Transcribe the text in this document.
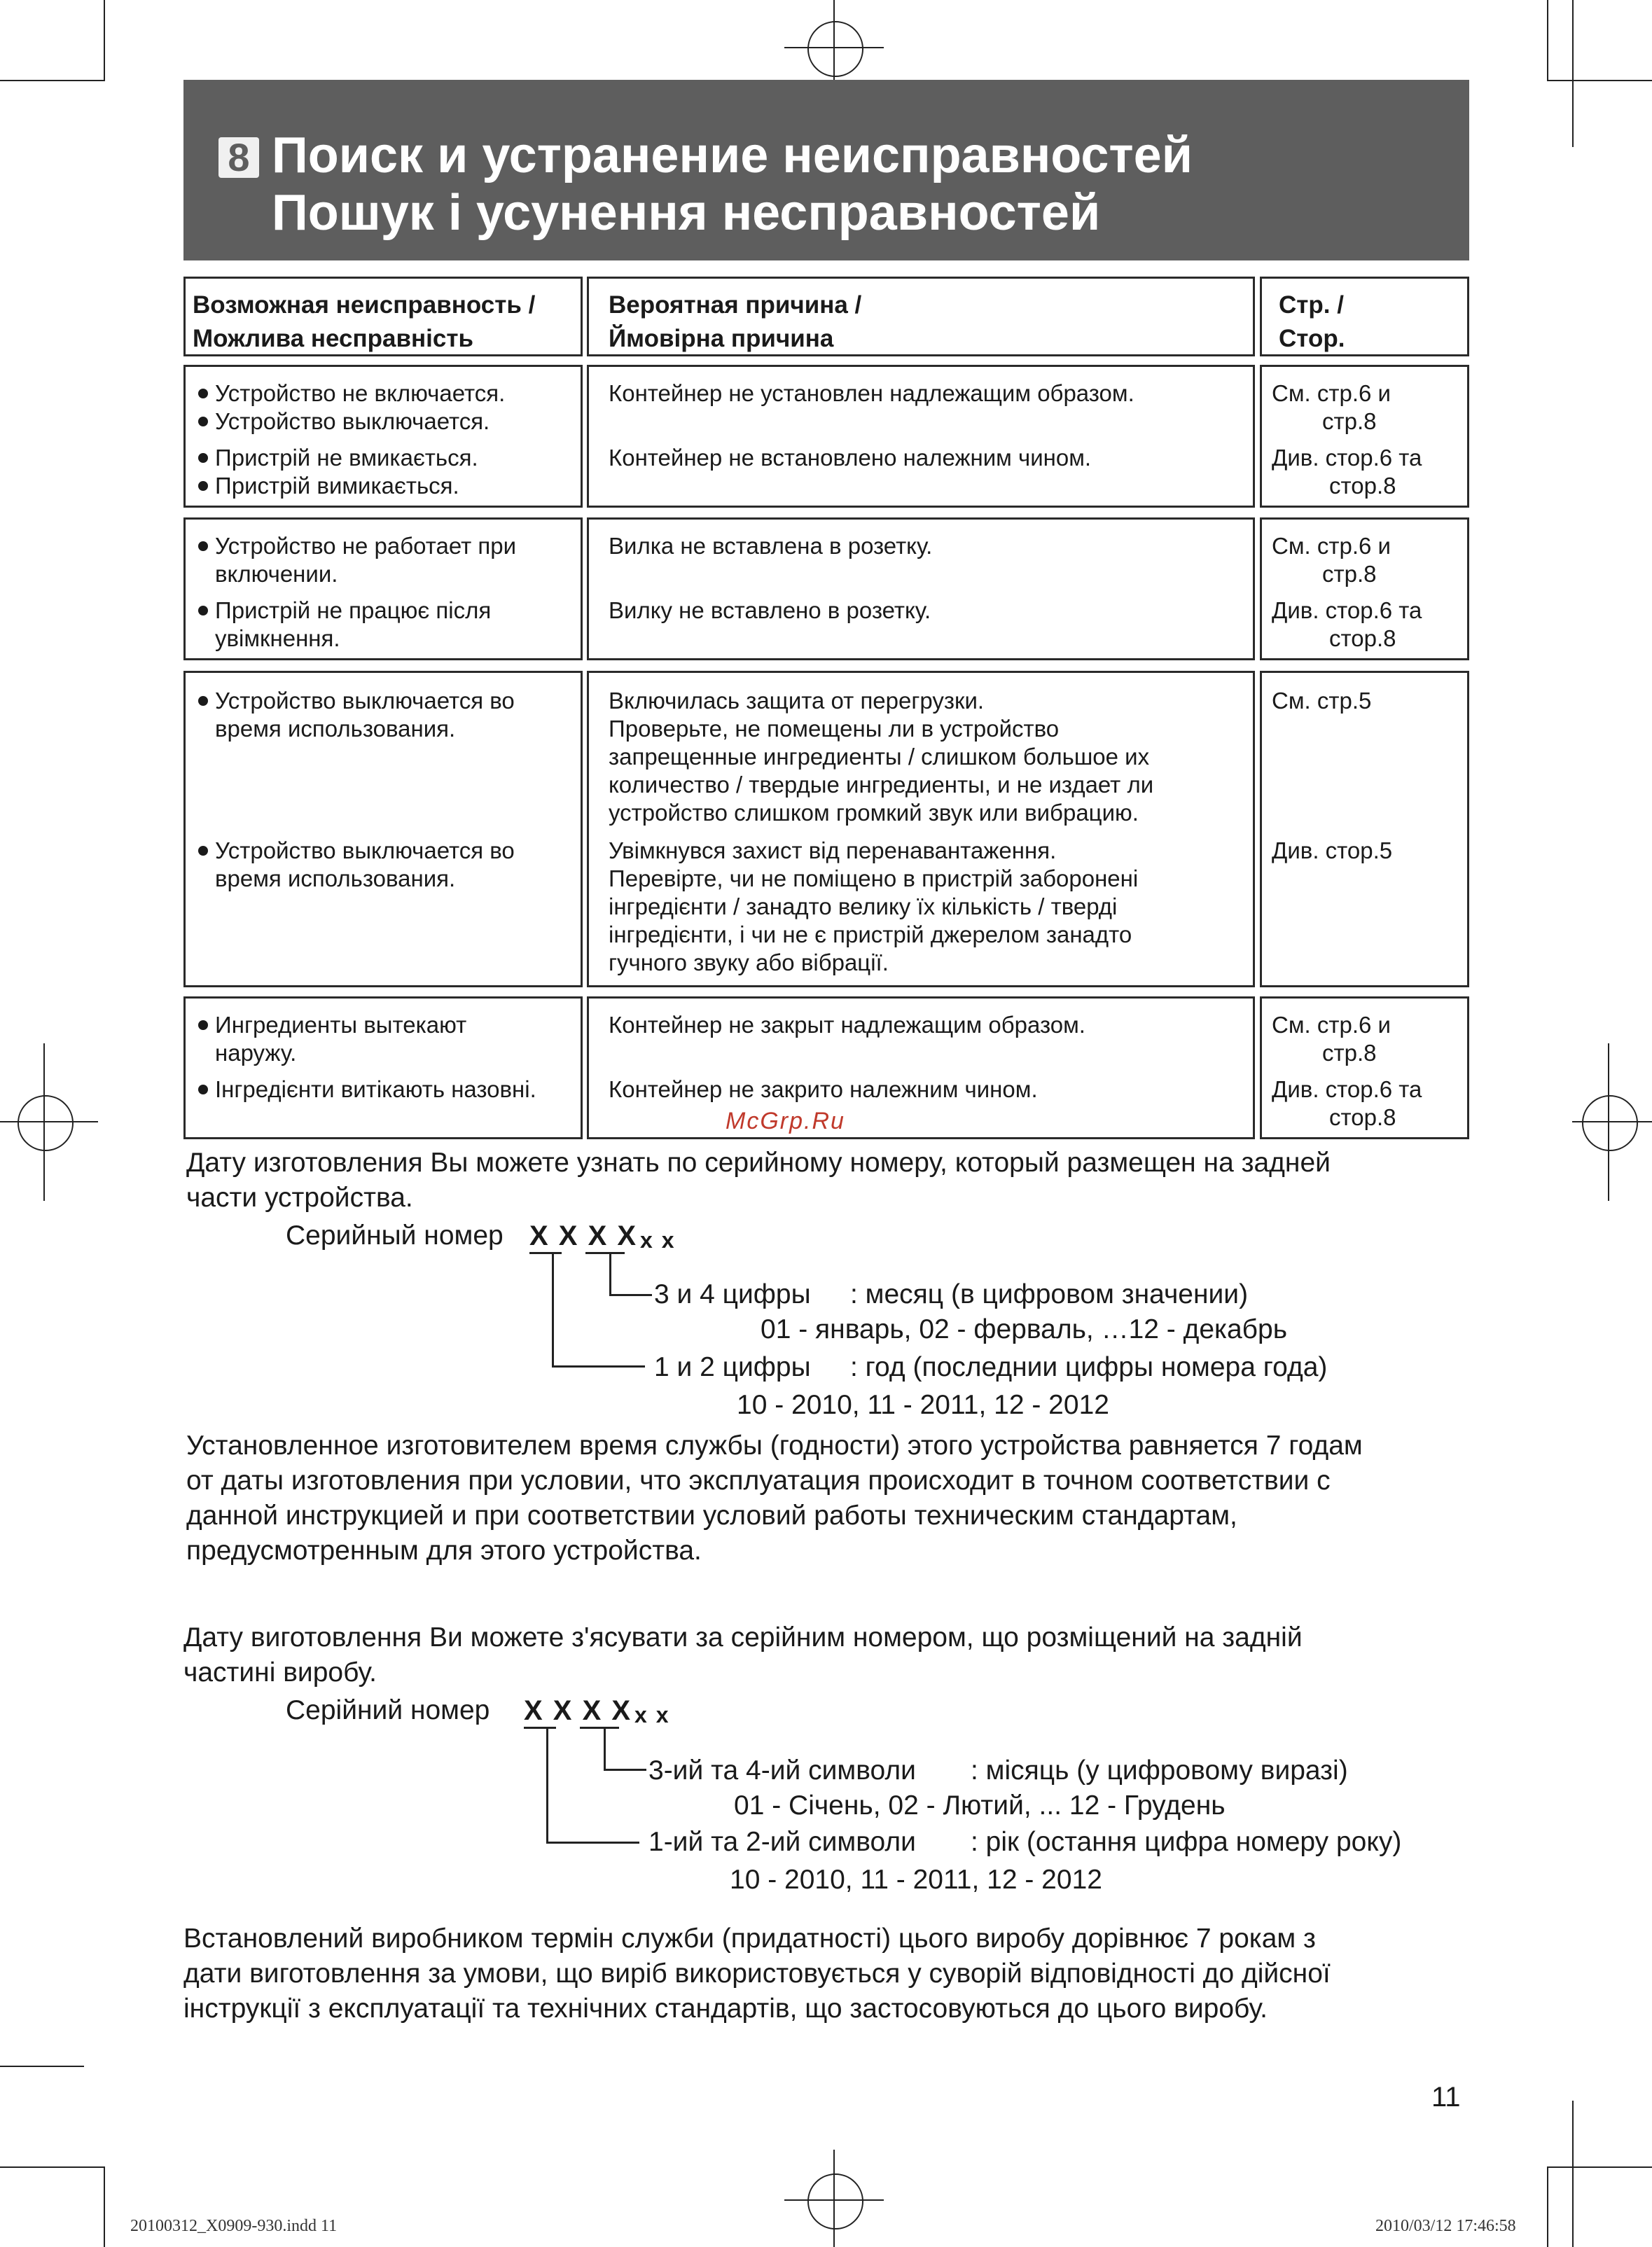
8 Поиск и устранение неисправностей
Пошук і усунення несправностей
Возможная неисправность /
Можлива несправність
Вероятная причина /
Ймовірна причина
Стр. /
Стор.
Устройство не включается.
Устройство выключается.
Пристрій не вмикається.
Пристрій вимикається.
Контейнер не установлен надлежащим образом.
Контейнер не встановлено належним чином.
См. стр.6 и
стр.8
Див. стор.6 та
стор.8
Устройство не работает при
включении.
Пристрій не працює після
увімкнення.
Вилка не вставлена в розетку.
Вилку не вставлено в розетку.
См. стр.6 и
стр.8
Див. стор.6 та
стор.8
Устройство выключается во
время использования.
Устройство выключается во
время использования.
Включилась защита от перегрузки.
Проверьте, не помещены ли в устройство
запрещенные ингредиенты / слишком большое их
количество / твердые ингредиенты, и не издает ли
устройство слишком громкий звук или вибрацию.
Увімкнувся захист від перенавантаження.
Перевірте, чи не поміщено в пристрій заборонені
інгредієнти / занадто велику їх кількість / тверді
інгредієнти, і чи не є пристрій джерелом занадто
гучного звуку або вібрації.
См. стр.5
Див. стор.5
Ингредиенты вытекают
наружу.
Інгредієнти витікають назовні.
Контейнер не закрыт надлежащим образом.
Контейнер не закрито належним чином.
См. стр.6 и
стр.8
Див. стор.6 та
стор.8
McGrp.Ru
Дату изготовления Вы можете узнать по серийному номеру, который размещен на задней
части устройства.
Серийный номер X X X X x x
3 и 4 цифры : месяц (в цифровом значении)
01 - январь, 02 - ферваль, …12 - декабрь
1 и 2 цифры : год (последнии цифры номера года)
10 - 2010, 11 - 2011, 12 - 2012
Установленное изготовителем время службы (годности) этого устройства равняется 7 годам
от даты изготовления при условии, что эксплуатация происходит в точном соответствии с
данной инструкцией и при соответствии условий работы техническим стандартам,
предусмотренным для этого устройства.
Дату виготовлення Ви можете з'ясувати за серійним номером, що розміщений на задній
частині виробу.
Серійний номер X X X X x x
3-ий та 4-ий символи : місяць (у цифровому виразі)
01 - Січень, 02 - Лютий, ... 12 - Грудень
1-ий та 2-ий символи : рік (остання цифра номеру року)
10 - 2010, 11 - 2011, 12 - 2012
Встановлений виробником термін служби (придатності) цього виробу дорівнює 7 рокам з
дати виготовлення за умови, що виріб використовується у суворій відповідності до дійсної
інструкції з експлуатації та технічних стандартів, що застосовуються до цього виробу.
11
20100312_X0909-930.indd 11	2010/03/12 17:46:58
